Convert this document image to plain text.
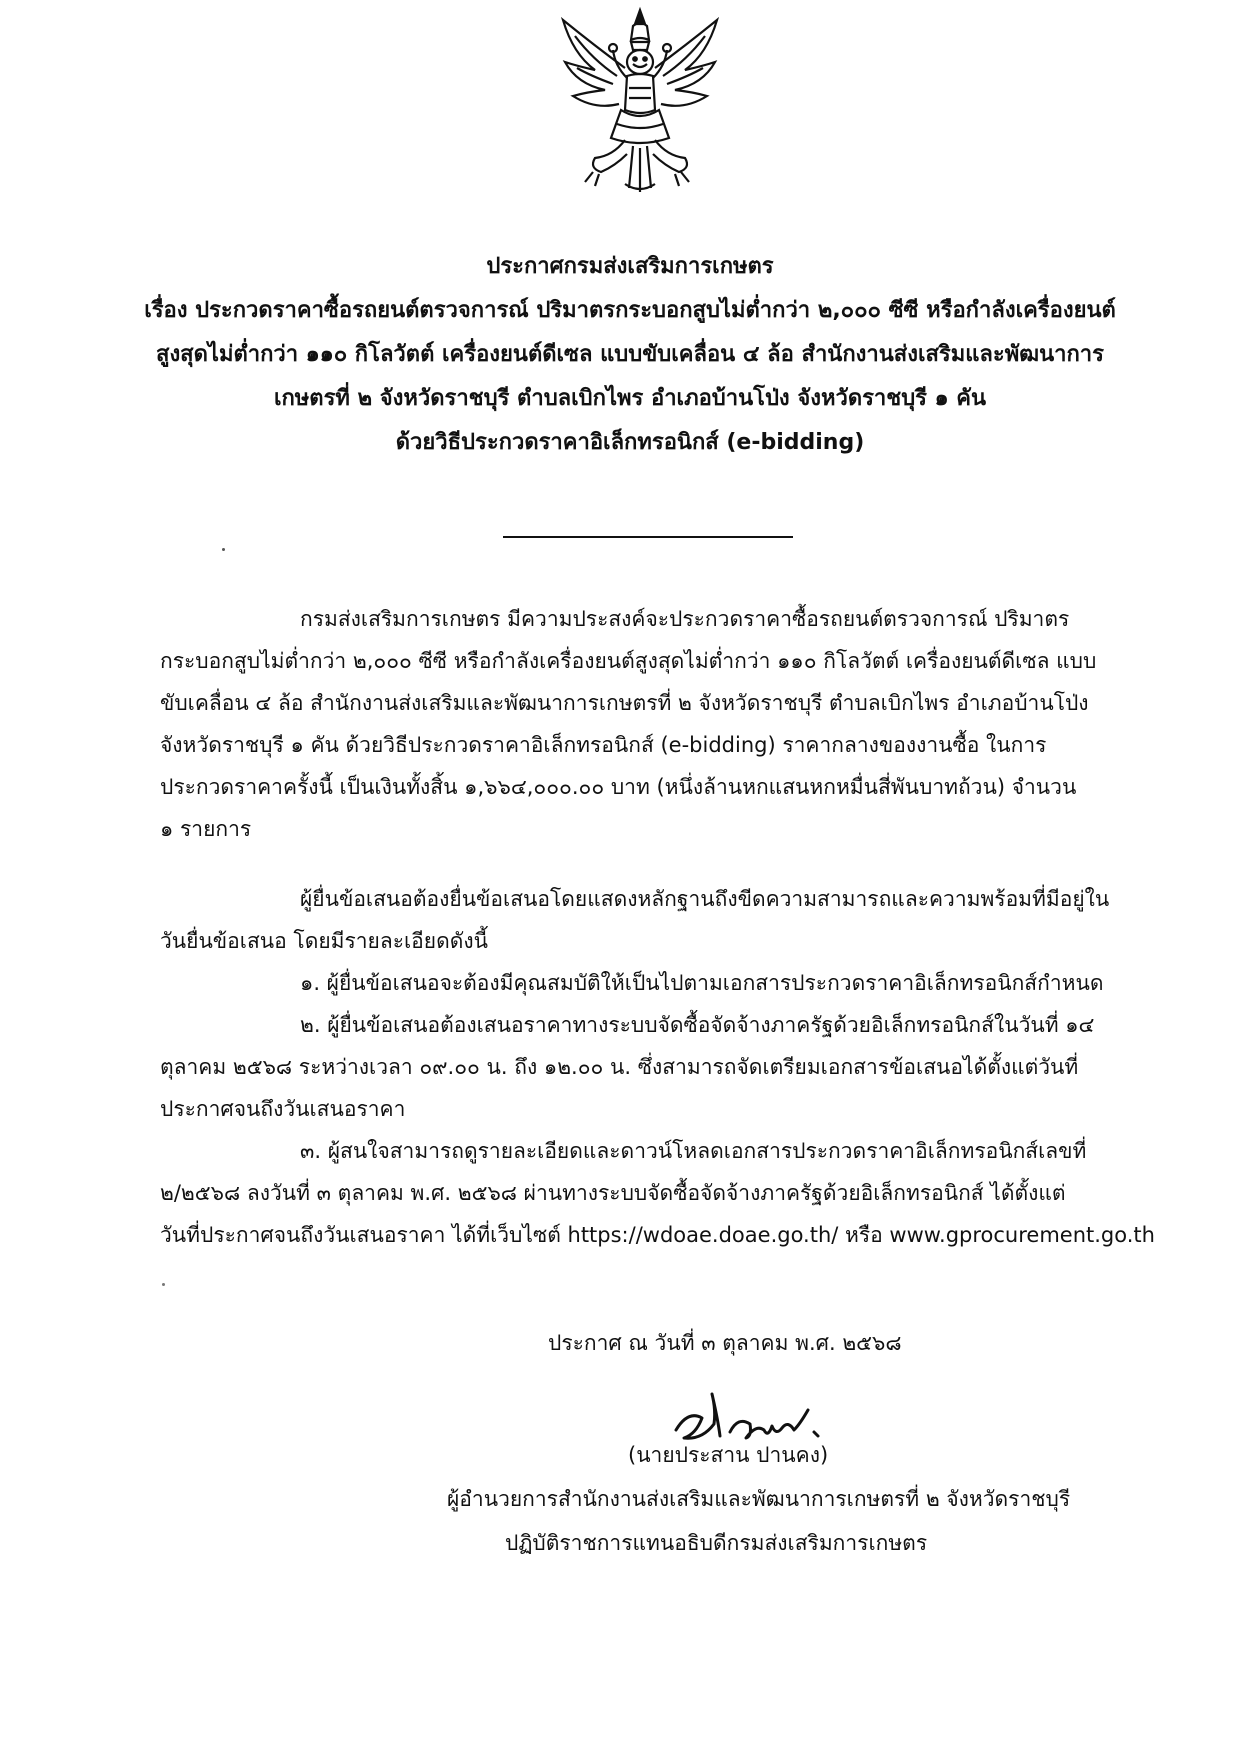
ประกาศกรมส่งเสริมการเกษตร
เรื่อง ประกวดราคาซื้อรถยนต์ตรวจการณ์ ปริมาตรกระบอกสูบไม่ต่ำกว่า ๒,๐๐๐ ซีซี หรือกำลังเครื่องยนต์
สูงสุดไม่ต่ำกว่า ๑๑๐ กิโลวัตต์ เครื่องยนต์ดีเซล แบบขับเคลื่อน ๔ ล้อ สำนักงานส่งเสริมและพัฒนาการ
เกษตรที่ ๒ จังหวัดราชบุรี ตำบลเบิกไพร อำเภอบ้านโป่ง จังหวัดราชบุรี ๑ คัน
ด้วยวิธีประกวดราคาอิเล็กทรอนิกส์ (e-bidding)
กรมส่งเสริมการเกษตร มีความประสงค์จะประกวดราคาซื้อรถยนต์ตรวจการณ์ ปริมาตร
กระบอกสูบไม่ต่ำกว่า ๒,๐๐๐ ซีซี หรือกำลังเครื่องยนต์สูงสุดไม่ต่ำกว่า ๑๑๐ กิโลวัตต์ เครื่องยนต์ดีเซล แบบ
ขับเคลื่อน ๔ ล้อ สำนักงานส่งเสริมและพัฒนาการเกษตรที่ ๒ จังหวัดราชบุรี ตำบลเบิกไพร อำเภอบ้านโป่ง
จังหวัดราชบุรี ๑ คัน ด้วยวิธีประกวดราคาอิเล็กทรอนิกส์ (e-bidding) ราคากลางของงานซื้อ ในการ
ประกวดราคาครั้งนี้ เป็นเงินทั้งสิ้น ๑,๖๖๔,๐๐๐.๐๐ บาท (หนึ่งล้านหกแสนหกหมื่นสี่พันบาทถ้วน) จำนวน
๑ รายการ
ผู้ยื่นข้อเสนอต้องยื่นข้อเสนอโดยแสดงหลักฐานถึงขีดความสามารถและความพร้อมที่มีอยู่ใน
วันยื่นข้อเสนอ โดยมีรายละเอียดดังนี้
๑. ผู้ยื่นข้อเสนอจะต้องมีคุณสมบัติให้เป็นไปตามเอกสารประกวดราคาอิเล็กทรอนิกส์กำหนด
๒. ผู้ยื่นข้อเสนอต้องเสนอราคาทางระบบจัดซื้อจัดจ้างภาครัฐด้วยอิเล็กทรอนิกส์ในวันที่ ๑๔
ตุลาคม ๒๕๖๘ ระหว่างเวลา ๐๙.๐๐ น. ถึง ๑๒.๐๐ น. ซึ่งสามารถจัดเตรียมเอกสารข้อเสนอได้ตั้งแต่วันที่
ประกาศจนถึงวันเสนอราคา
๓. ผู้สนใจสามารถดูรายละเอียดและดาวน์โหลดเอกสารประกวดราคาอิเล็กทรอนิกส์เลขที่
๒/๒๕๖๘ ลงวันที่ ๓ ตุลาคม พ.ศ. ๒๕๖๘ ผ่านทางระบบจัดซื้อจัดจ้างภาครัฐด้วยอิเล็กทรอนิกส์ ได้ตั้งแต่
วันที่ประกาศจนถึงวันเสนอราคา ได้ที่เว็บไซต์ https://wdoae.doae.go.th/ หรือ www.gprocurement.go.th
ประกาศ ณ วันที่ ๓ ตุลาคม พ.ศ. ๒๕๖๘
(นายประสาน ปานคง)
ผู้อำนวยการสำนักงานส่งเสริมและพัฒนาการเกษตรที่ ๒ จังหวัดราชบุรี
ปฏิบัติราชการแทนอธิบดีกรมส่งเสริมการเกษตร
